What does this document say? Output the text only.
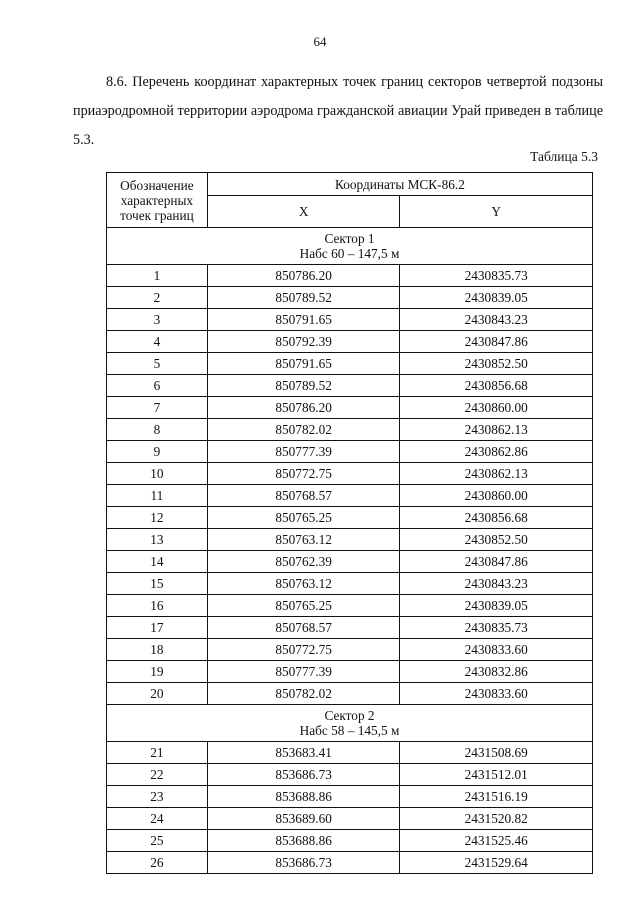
64
8.6. Перечень координат характерных точек границ секторов четвертой подзоны приаэродромной территории аэродрома гражданской авиации Урай приведен в таблице 5.3.
Таблица 5.3
Обозначение характерных точек границ	Координаты МСК-86.2	
	X	Y

Сектор 1
Набс 60 – 147,5 м		

1	850786.20	2430835.73
2	850789.52	2430839.05
3	850791.65	2430843.23
4	850792.39	2430847.86
5	850791.65	2430852.50
6	850789.52	2430856.68
7	850786.20	2430860.00
8	850782.02	2430862.13
9	850777.39	2430862.86
10	850772.75	2430862.13
11	850768.57	2430860.00
12	850765.25	2430856.68
13	850763.12	2430852.50
14	850762.39	2430847.86
15	850763.12	2430843.23
16	850765.25	2430839.05
17	850768.57	2430835.73
18	850772.75	2430833.60
19	850777.39	2430832.86
20	850782.02	2430833.60

Сектор 2
Набс 58 – 145,5 м		

21	853683.41	2431508.69
22	853686.73	2431512.01
23	853688.86	2431516.19
24	853689.60	2431520.82
25	853688.86	2431525.46
26	853686.73	2431529.64
